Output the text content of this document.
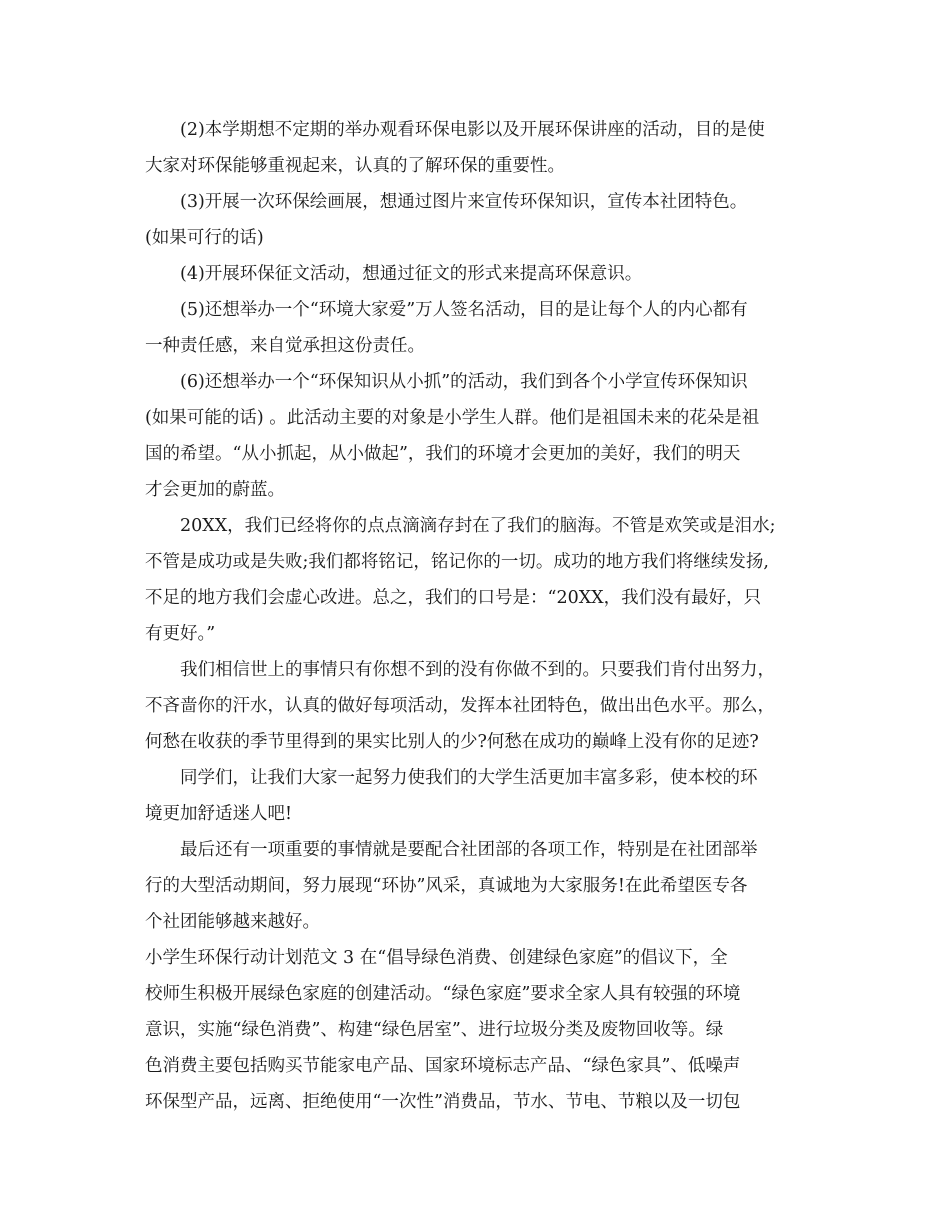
(2)本学期想不定期的举办观看环保电影以及开展环保讲座的活动，目的是使
大家对环保能够重视起来，认真的了解环保的重要性。
(3)开展一次环保绘画展，想通过图片来宣传环保知识，宣传本社团特色。
(如果可行的话)
(4)开展环保征文活动，想通过征文的形式来提高环保意识。
(5)还想举办一个“环境大家爱”万人签名活动，目的是让每个人的内心都有
一种责任感，来自觉承担这份责任。
(6)还想举办一个“环保知识从小抓”的活动，我们到各个小学宣传环保知识
(如果可能的话) 。此活动主要的对象是小学生人群。他们是祖国未来的花朵是祖
国的希望。“从小抓起，从小做起”，我们的环境才会更加的美好，我们的明天
才会更加的蔚蓝。
20XX，我们已经将你的点点滴滴存封在了我们的脑海。不管是欢笑或是泪水;
不管是成功或是失败;我们都将铭记，铭记你的一切。成功的地方我们将继续发扬,
不足的地方我们会虚心改进。总之，我们的口号是：“20XX，我们没有最好，只
有更好。”
我们相信世上的事情只有你想不到的没有你做不到的。只要我们肯付出努力，
不吝啬你的汗水，认真的做好每项活动，发挥本社团特色，做出出色水平。那么，
何愁在收获的季节里得到的果实比别人的少?何愁在成功的巅峰上没有你的足迹?
同学们，让我们大家一起努力使我们的大学生活更加丰富多彩，使本校的环
境更加舒适迷人吧!
最后还有一项重要的事情就是要配合社团部的各项工作，特别是在社团部举
行的大型活动期间，努力展现“环协”风采，真诚地为大家服务!在此希望医专各
个社团能够越来越好。
小学生环保行动计划范文 3 在“倡导绿色消费、创建绿色家庭”的倡议下，全
校师生积极开展绿色家庭的创建活动。“绿色家庭”要求全家人具有较强的环境
意识，实施“绿色消费”、构建“绿色居室”、进行垃圾分类及废物回收等。绿
色消费主要包括购买节能家电产品、国家环境标志产品、“绿色家具”、低噪声
环保型产品，远离、拒绝使用“一次性”消费品，节水、节电、节粮以及一切包
